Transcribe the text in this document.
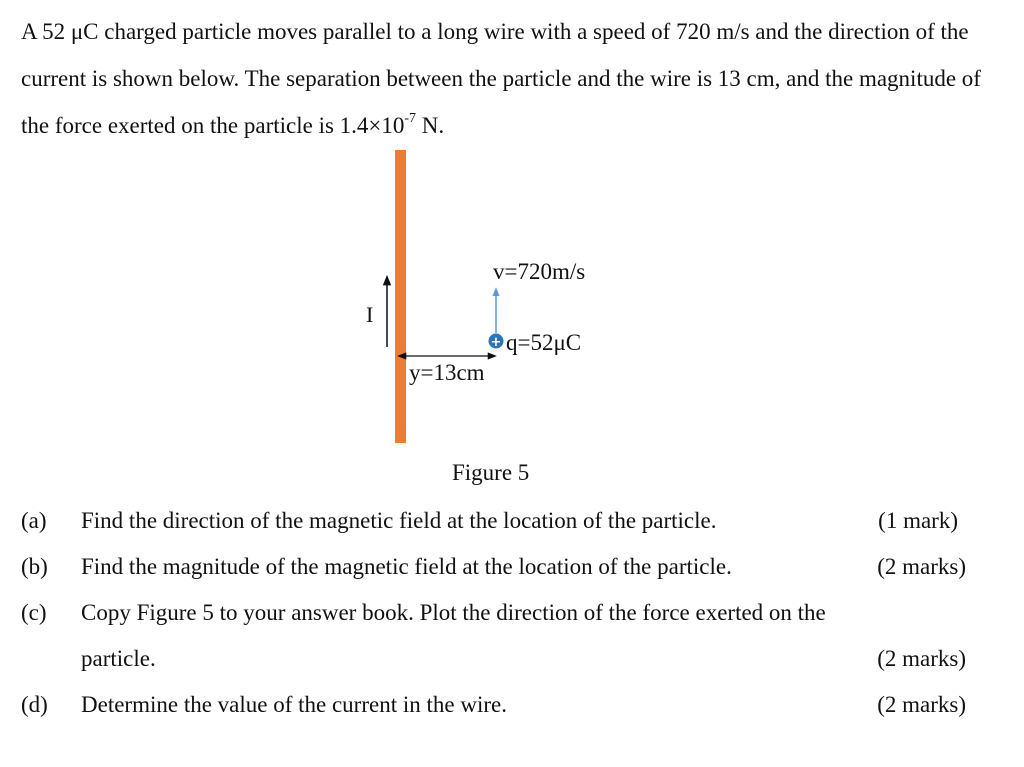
A 52 μC charged particle moves parallel to a long wire with a speed of 720 m/s and the direction of the current is shown below. The separation between the particle and the wire is 13 cm, and the magnitude of the force exerted on the particle is $1.4\times 10^{-7}$ N.

I
v=720m/s
+ q=52μC
y=13cm
Figure 5
(a) Find the direction of the magnetic field at the location of the particle.	(1 mark)
(b) Find the magnitude of the magnetic field at the location of the particle.	(2 marks)
(c) Copy Figure 5 to your answer book. Plot the direction of the force exerted on the
particle.	(2 marks)
(d) Determine the value of the current in the wire.	(2 marks)
